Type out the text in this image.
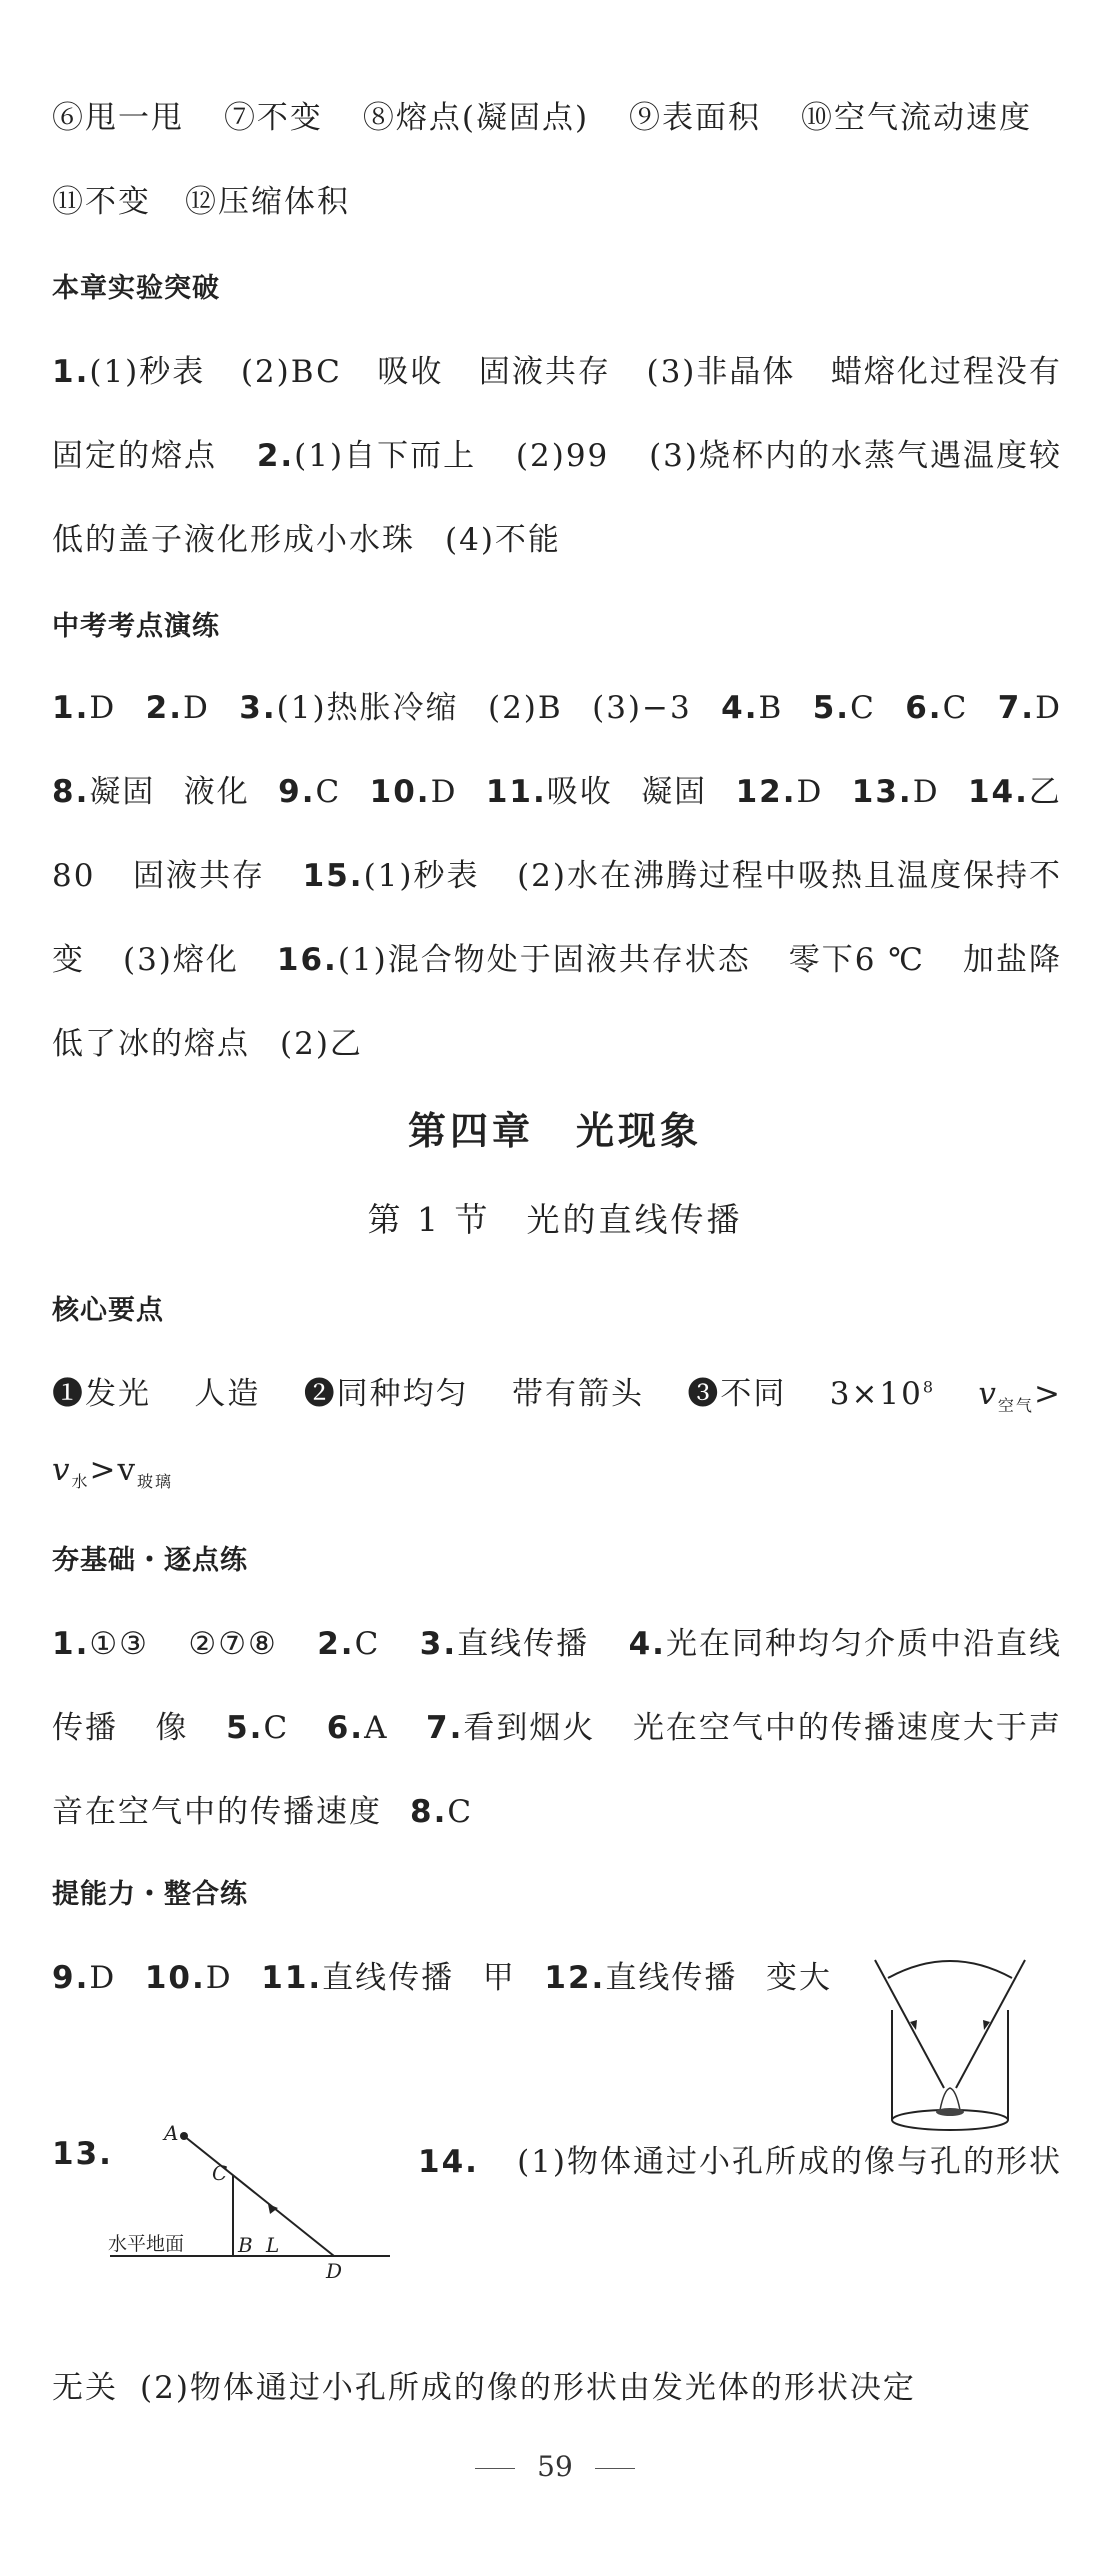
⑥甩一甩 ⑦不变 ⑧熔点(凝固点) ⑨表面积 ⑩空气流动速度
⑪不变 ⑫压缩体积
本章实验突破
1.(1)秒表 (2)BC 吸收 固液共存 (3)非晶体 蜡熔化过程没有
固定的熔点 2.(1)自下而上 (2)99 (3)烧杯内的水蒸气遇温度较
低的盖子液化形成小水珠 (4)不能
中考考点演练
1.D 2.D 3.(1)热胀冷缩 (2)B (3)−3 4.B 5.C 6.C 7.D
8.凝固 液化 9.C 10.D 11.吸收 凝固 12.D 13.D 14.乙
80 固液共存 15.(1)秒表 (2)水在沸腾过程中吸热且温度保持不
变 (3)熔化 16.(1)混合物处于固液共存状态 零下6 ℃ 加盐降
低了冰的熔点 (2)乙
第四章　光现象
第 1 节　光的直线传播
核心要点
❶发光 人造 ❷同种均匀 带有箭头 ❸不同 $3\times 10^8$ $v_{空气}>$
$v_水>v_{玻璃}$
夯基础・逐点练
1.①③ ②⑦⑧ 2.C 3.直线传播 4.光在同种均匀介质中沿直线
传播 像 5.C 6.A 7.看到烟火 光在空气中的传播速度大于声
音在空气中的传播速度 8.C
提能力・整合练
9.D 10.D 11.直线传播 甲 12.直线传播 变大
13.
A
C
B L
D
水平地面
14. (1)物体通过小孔所成的像与孔的形状
无关 (2)物体通过小孔所成的像的形状由发光体的形状决定
59
